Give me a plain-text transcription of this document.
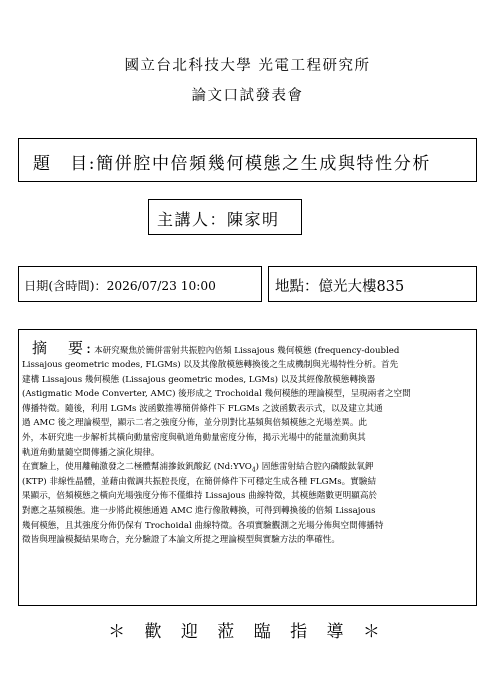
國立台北科技大學 光電工程研究所
論文口試發表會
題　目:簡併腔中倍頻幾何模態之生成與特性分析
主講人：陳家明
日期(含時間)：2026/07/23 10:00	地點：億光大樓835
摘　要:本研究聚焦於簡併雷射共振腔內倍頻 Lissajous 幾何模態 (frequency-doubled
Lissajous geometric modes, FLGMs) 以及其像散模態轉換後之生成機制與光場特性分析。首先
建構 Lissajous 幾何模態 (Lissajous geometric modes, LGMs) 以及其經像散模態轉換器
(Astigmatic Mode Converter, AMC) 後形成之 Trochoidal 幾何模態的理論模型，呈現兩者之空間
傳播特徵。隨後，利用 LGMs 波函數推導簡併條件下 FLGMs 之波函數表示式，以及建立其通
過 AMC 後之理論模型，顯示二者之強度分佈，並分別對比基頻與倍頻模態之光場差異。此
外，本研究進一步解析其橫向動量密度與軌道角動量密度分佈，揭示光場中的能量流動與其
軌道角動量隨空間傳播之演化規律。
在實驗上，使用離軸激發之二極體幫浦摻釹釩酸釔 $(Nd:YVO_4)$ 固態雷射結合腔內磷酸鈦氧鉀
(KTP) 非線性晶體，並藉由微調共振腔長度，在簡併條件下可穩定生成各種 FLGMs。實驗結
果顯示，倍頻模態之橫向光場強度分佈不僅維持 Lissajous 曲線特徵，其模態階數更明顯高於
對應之基頻模態。進一步將此模態通過 AMC 進行像散轉換，可得到轉換後的倍頻 Lissajous
幾何模態，且其強度分佈仍保有 Trochoidal 曲線特徵。各項實驗觀測之光場分佈與空間傳播特
徵皆與理論模擬結果吻合，充分驗證了本論文所提之理論模型與實驗方法的準確性。
＊ 歡 迎 蒞 臨 指 導 ＊
